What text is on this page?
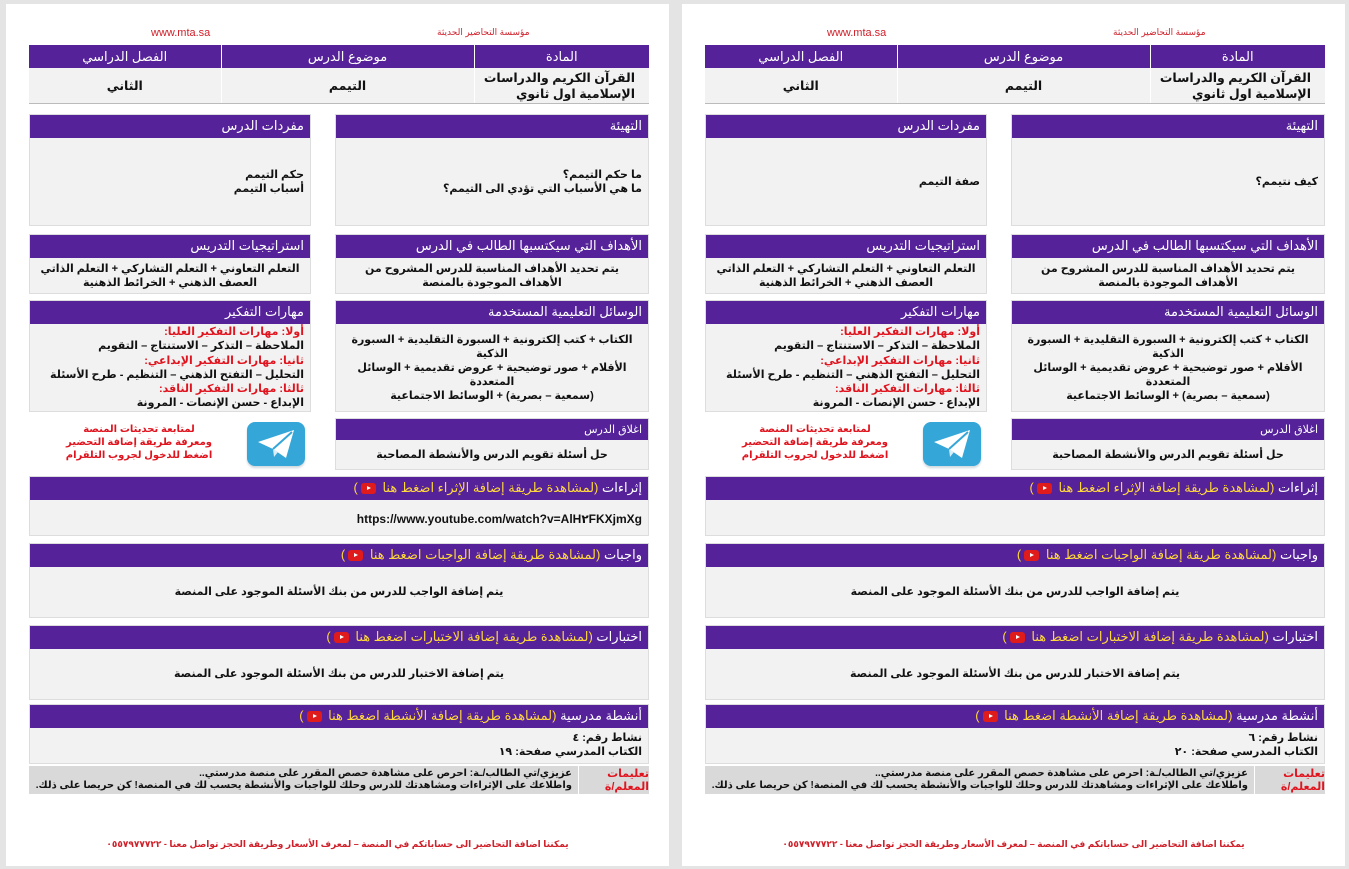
www.mta.sa	مؤسسة التحاضير الحديثة
المادة	موضوع الدرس	الفصل الدراسي

القرآن الكريم والدراسات
الإسلامية اول ثانوي	التيمم	الثاني
التهيئة
ما حكم التيمم؟
ما هي الأسباب التي تؤدي الى التيمم؟
مفردات الدرس
حكم التيمم
أسباب التيمم
الأهداف التي سيكتسبها الطالب في الدرس
يتم تحديد الأهداف المناسبة للدرس المشروح من الأهداف الموجودة بالمنصة
استراتيجيات التدريس
التعلم التعاوني + التعلم التشاركي + التعلم الذاتي
العصف الذهني + الخرائط الذهنية
الوسائل التعليمية المستخدمة
الكتاب + كتب إلكترونية + السبورة التقليدية + السبورة الذكية
الأقلام + صور توضيحية + عروض تقديمية + الوسائل المتعددة
(سمعية – بصرية) + الوسائط الاجتماعية
مهارات التفكير
أولا: مهارات التفكير العليا:
الملاحظة – التذكر – الاستنتاج – التقويم
ثانيا: مهارات التفكير الإبداعي:
التحليل – التفتح الذهني – التنظيم - طرح الأسئلة
ثالثا: مهارات التفكير الناقد:
الإبداع - حسن الإنصات - المرونة
اغلاق الدرس
حل أسئلة تقويم الدرس والأنشطة المصاحبة
لمتابعة تحديثات المنصة
ومعرفة طريقة إضافة التحضير
اضغط للدخول لجروب التلقرام
إثراءات (لمشاهدة طريقة إضافة الإثراء اضغط هنا )
https://www.youtube.com/watch?v=AlH٢FKXjmXg
واجبات (لمشاهدة طريقة إضافة الواجبات اضغط هنا )
يتم إضافة الواجب للدرس من بنك الأسئلة الموجود على المنصة
اختبارات (لمشاهدة طريقة إضافة الاختبارات اضغط هنا )
يتم إضافة الاختبار للدرس من بنك الأسئلة الموجود على المنصة
أنشطة مدرسية (لمشاهدة طريقة إضافة الأنشطة اضغط هنا )
نشاط رقم: ٤
الكتاب المدرسي صفحة: ١٩
تعليمات المعلم/ة
عزيزي/تي الطالب/ـة: احرص على مشاهدة حصص المقرر على منصة مدرستي..
واطلاعك على الإثراءات ومشاهدتك للدرس وحلك للواجبات والأنشطة يحسب لك في المنصة! كن حريصا على ذلك.
يمكننا اضافة التحاضير الى حساباتكم في المنصة – لمعرف الأسعار وطريقة الحجز تواصل معنا - ٠٥٥٧٩٧٧٧٢٢
www.mta.sa	مؤسسة التحاضير الحديثة
المادة	موضوع الدرس	الفصل الدراسي

القرآن الكريم والدراسات
الإسلامية اول ثانوي	التيمم	الثاني
التهيئة
كيف نتيمم؟
مفردات الدرس
صفة التيمم
الأهداف التي سيكتسبها الطالب في الدرس
يتم تحديد الأهداف المناسبة للدرس المشروح من الأهداف الموجودة بالمنصة
استراتيجيات التدريس
التعلم التعاوني + التعلم التشاركي + التعلم الذاتي
العصف الذهني + الخرائط الذهنية
الوسائل التعليمية المستخدمة
الكتاب + كتب إلكترونية + السبورة التقليدية + السبورة الذكية
الأقلام + صور توضيحية + عروض تقديمية + الوسائل المتعددة
(سمعية – بصرية) + الوسائط الاجتماعية
مهارات التفكير
أولا: مهارات التفكير العليا:
الملاحظة – التذكر – الاستنتاج – التقويم
ثانيا: مهارات التفكير الإبداعي:
التحليل – التفتح الذهني – التنظيم - طرح الأسئلة
ثالثا: مهارات التفكير الناقد:
الإبداع - حسن الإنصات - المرونة
اغلاق الدرس
حل أسئلة تقويم الدرس والأنشطة المصاحبة
لمتابعة تحديثات المنصة
ومعرفة طريقة إضافة التحضير
اضغط للدخول لجروب التلقرام
إثراءات (لمشاهدة طريقة إضافة الإثراء اضغط هنا )
واجبات (لمشاهدة طريقة إضافة الواجبات اضغط هنا )
يتم إضافة الواجب للدرس من بنك الأسئلة الموجود على المنصة
اختبارات (لمشاهدة طريقة إضافة الاختبارات اضغط هنا )
يتم إضافة الاختبار للدرس من بنك الأسئلة الموجود على المنصة
أنشطة مدرسية (لمشاهدة طريقة إضافة الأنشطة اضغط هنا )
نشاط رقم: ٦
الكتاب المدرسي صفحة: ٢٠
تعليمات المعلم/ة
عزيزي/تي الطالب/ـة: احرص على مشاهدة حصص المقرر على منصة مدرستي..
واطلاعك على الإثراءات ومشاهدتك للدرس وحلك للواجبات والأنشطة يحسب لك في المنصة! كن حريصا على ذلك.
يمكننا اضافة التحاضير الى حساباتكم في المنصة – لمعرف الأسعار وطريقة الحجز تواصل معنا - ٠٥٥٧٩٧٧٧٢٢
